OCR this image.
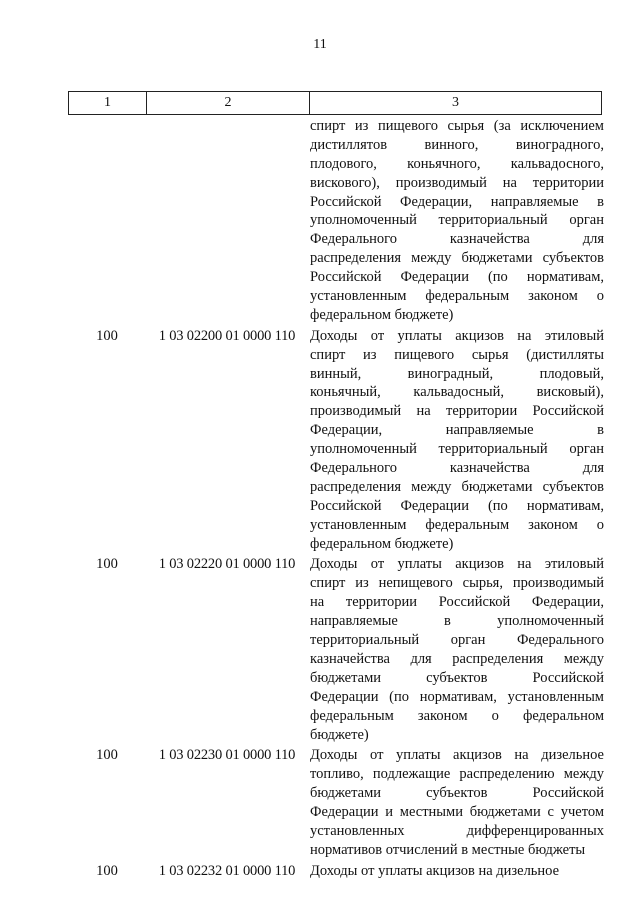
11
1	2	3
спирт из пищевого сырья (за исключением
дистиллятов винного, виноградного,
плодового, коньячного, кальвадосного,
вискового), производимый на территории
Российской Федерации, направляемые в
уполномоченный территориальный орган
Федерального казначейства для
распределения между бюджетами субъектов
Российской Федерации (по нормативам,
установленным федеральным законом о
федеральном бюджете)
100	1 03 02200 01 0000 110	Доходы от уплаты акцизов на этиловый
спирт из пищевого сырья (дистилляты
винный, виноградный, плодовый,
коньячный, кальвадосный, висковый),
производимый на территории Российской
Федерации, направляемые в
уполномоченный территориальный орган
Федерального казначейства для
распределения между бюджетами субъектов
Российской Федерации (по нормативам,
установленным федеральным законом о
федеральном бюджете)
100	1 03 02220 01 0000 110	Доходы от уплаты акцизов на этиловый
спирт из непищевого сырья, производимый
на территории Российской Федерации,
направляемые в уполномоченный
территориальный орган Федерального
казначейства для распределения между
бюджетами субъектов Российской
Федерации (по нормативам, установленным
федеральным законом о федеральном
бюджете)
100	1 03 02230 01 0000 110	Доходы от уплаты акцизов на дизельное
топливо, подлежащие распределению между
бюджетами субъектов Российской
Федерации и местными бюджетами с учетом
установленных дифференцированных
нормативов отчислений в местные бюджеты
100	1 03 02232 01 0000 110	Доходы от уплаты акцизов на дизельное
